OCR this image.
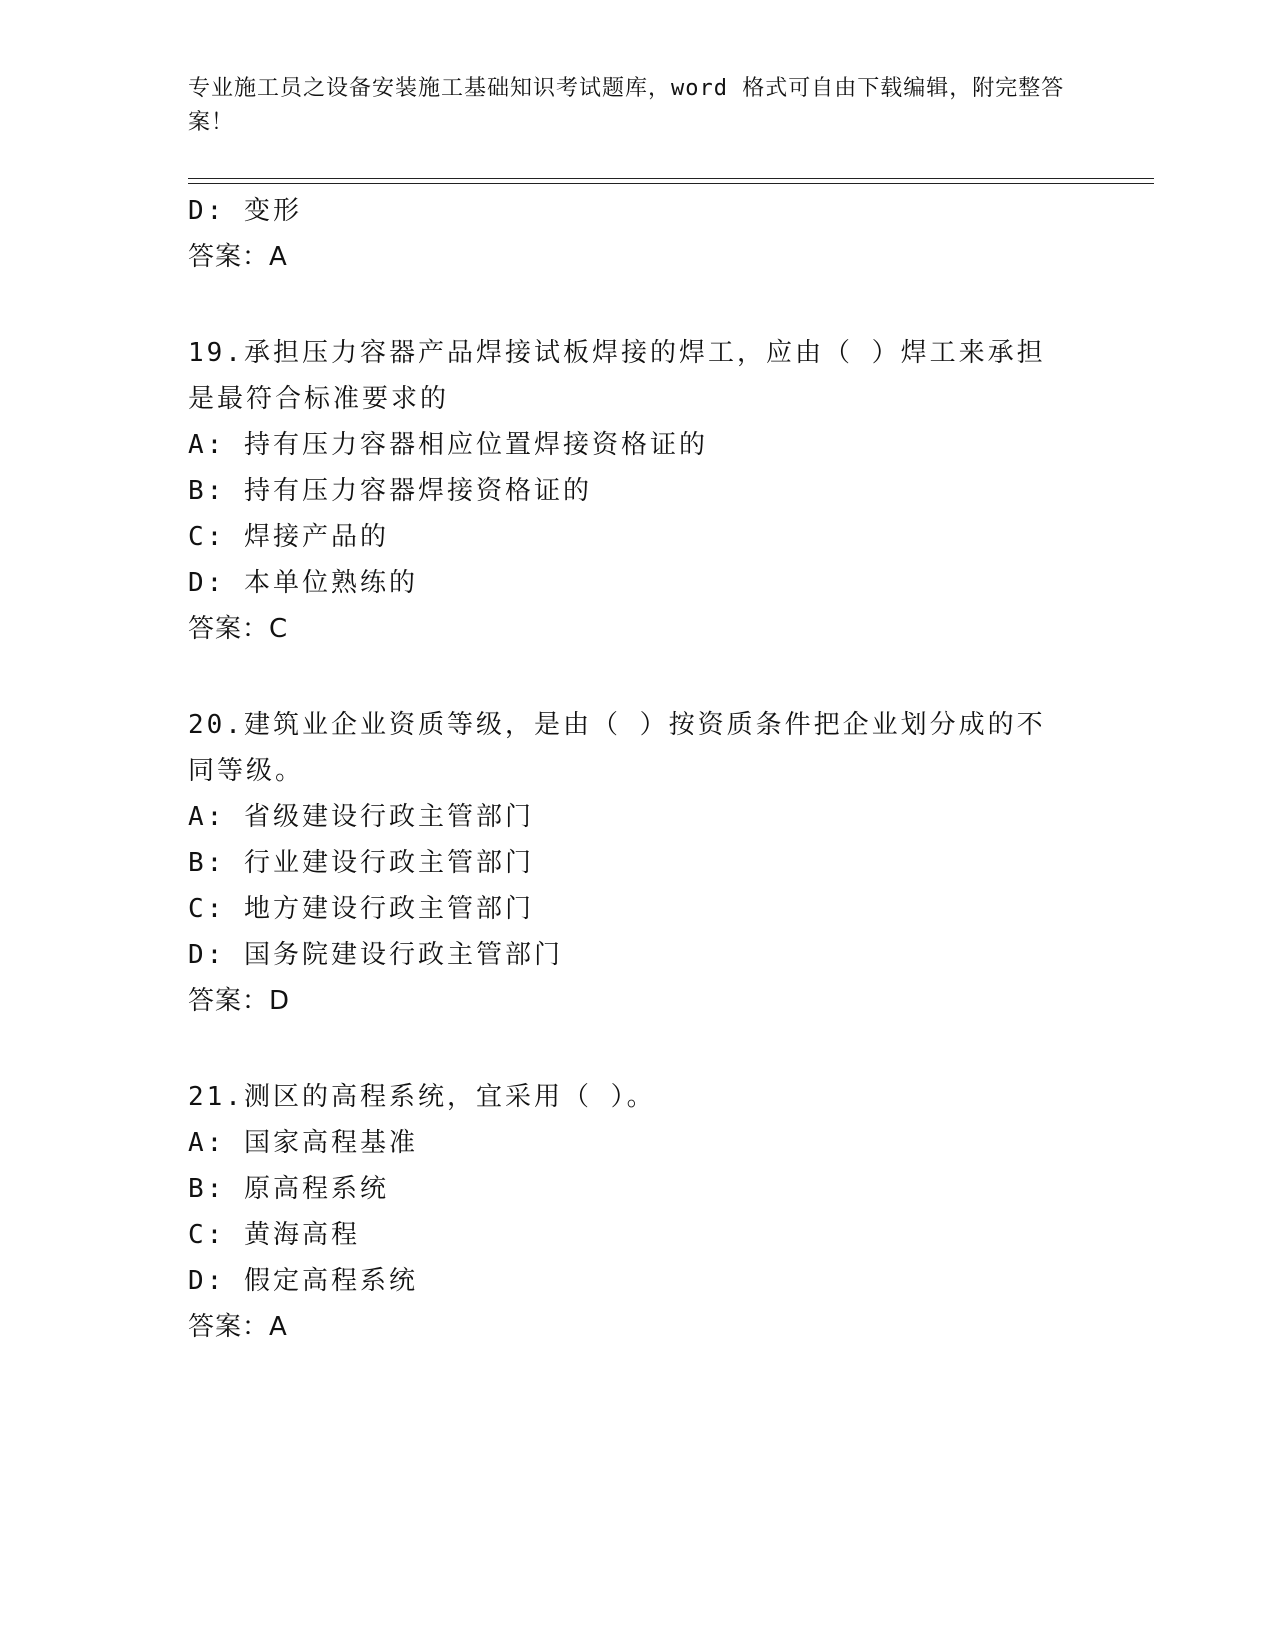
专业施工员之设备安装施工基础知识考试题库，word 格式可自由下载编辑，附完整答案！
D: 变形
答案：A
19.承担压力容器产品焊接试板焊接的焊工，应由（ ）焊工来承担是最符合标准要求的
A: 持有压力容器相应位置焊接资格证的
B: 持有压力容器焊接资格证的
C: 焊接产品的
D: 本单位熟练的
答案：C
20.建筑业企业资质等级，是由（ ）按资质条件把企业划分成的不同等级。
A: 省级建设行政主管部门
B: 行业建设行政主管部门
C: 地方建设行政主管部门
D: 国务院建设行政主管部门
答案：D
21.测区的高程系统，宜采用（ ）。
A: 国家高程基准
B: 原高程系统
C: 黄海高程
D: 假定高程系统
答案：A
